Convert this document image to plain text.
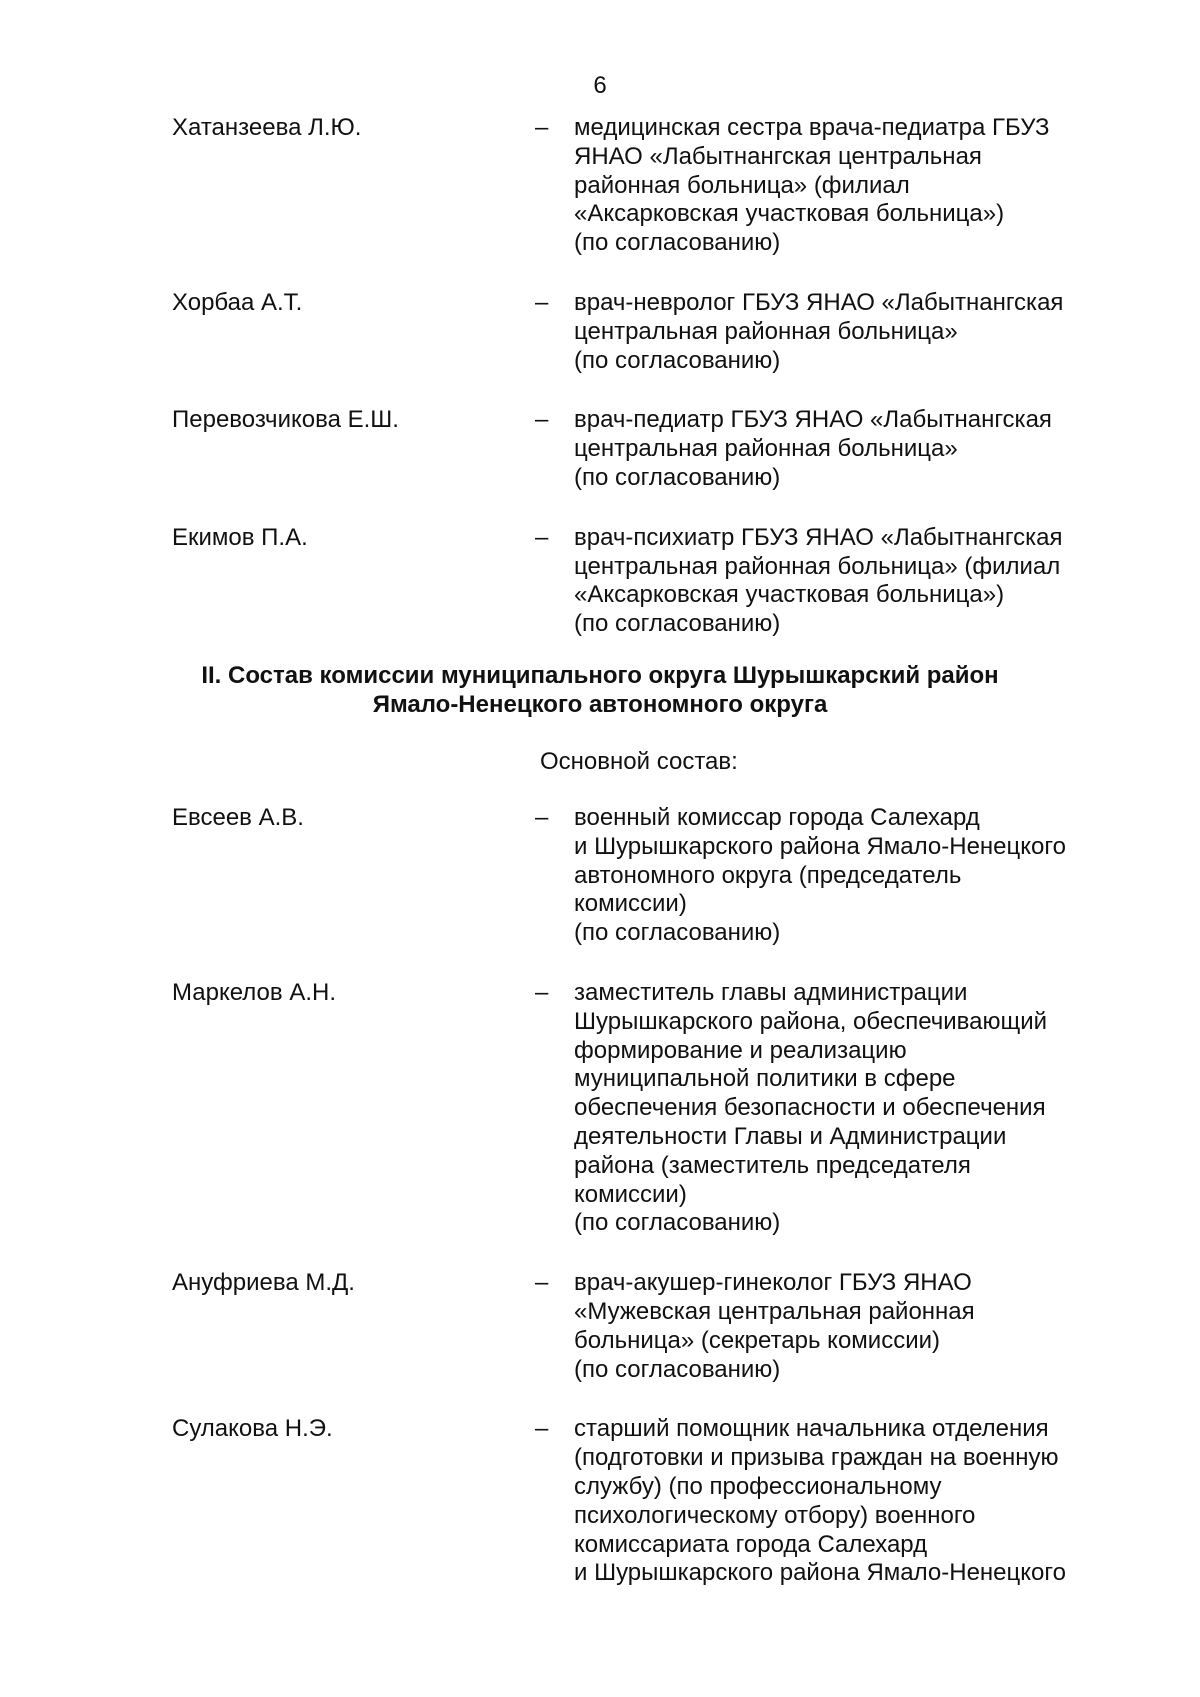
6
Хатанзеева Л.Ю.	–	медицинская сестра врача-педиатра ГБУЗ
ЯНАО «Лабытнангская центральная
районная больница» (филиал
«Аксарковская участковая больница»)
(по согласованию)
Хорбаа А.Т.	–	врач-невролог ГБУЗ ЯНАО «Лабытнангская
центральная районная больница»
(по согласованию)
Перевозчикова Е.Ш.	–	врач-педиатр ГБУЗ ЯНАО «Лабытнангская
центральная районная больница»
(по согласованию)
Екимов П.А.	–	врач-психиатр ГБУЗ ЯНАО «Лабытнангская
центральная районная больница» (филиал
«Аксарковская участковая больница»)
(по согласованию)
II. Состав комиссии муниципального округа Шурышкарский район
Ямало-Ненецкого автономного округа
Основной состав:
Евсеев А.В.	–	военный комиссар города Салехард
и Шурышкарского района Ямало-Ненецкого
автономного округа (председатель
комиссии)
(по согласованию)
Маркелов А.Н.	–	заместитель главы администрации
Шурышкарского района, обеспечивающий
формирование и реализацию
муниципальной политики в сфере
обеспечения безопасности и обеспечения
деятельности Главы и Администрации
района (заместитель председателя
комиссии)
(по согласованию)
Ануфриева М.Д.	–	врач-акушер-гинеколог ГБУЗ ЯНАО
«Мужевская центральная районная
больница» (секретарь комиссии)
(по согласованию)
Сулакова Н.Э.	–	старший помощник начальника отделения
(подготовки и призыва граждан на военную
службу) (по профессиональному
психологическому отбору) военного
комиссариата города Салехард
и Шурышкарского района Ямало-Ненецкого
